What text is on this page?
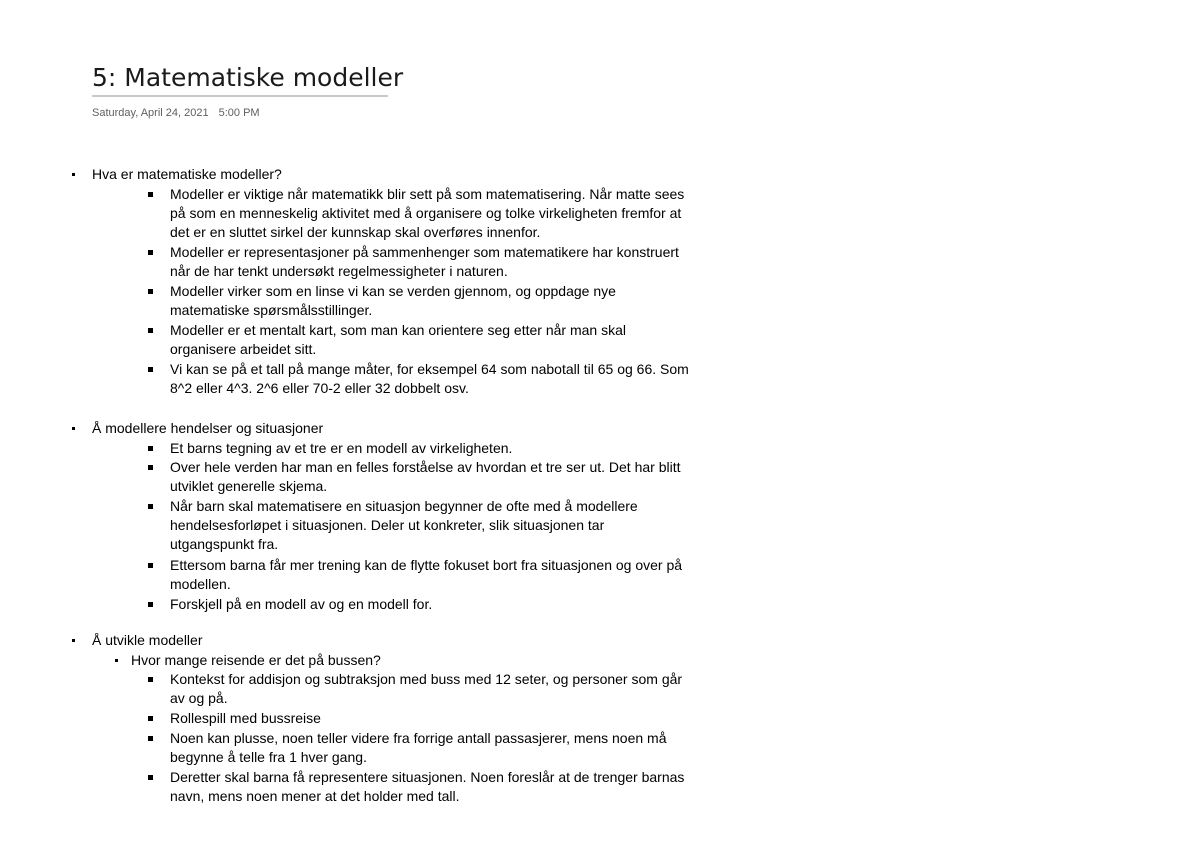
5: Matematiske modeller
Saturday, April 24, 2021 5:00 PM
Hva er matematiske modeller?
Modeller er viktige når matematikk blir sett på som matematisering. Når matte sees
på som en menneskelig aktivitet med å organisere og tolke virkeligheten fremfor at
det er en sluttet sirkel der kunnskap skal overføres innenfor.
Modeller er representasjoner på sammenhenger som matematikere har konstruert
når de har tenkt undersøkt regelmessigheter i naturen.
Modeller virker som en linse vi kan se verden gjennom, og oppdage nye
matematiske spørsmålsstillinger.
Modeller er et mentalt kart, som man kan orientere seg etter når man skal
organisere arbeidet sitt.
Vi kan se på et tall på mange måter, for eksempel 64 som nabotall til 65 og 66. Som
8^2 eller 4^3. 2^6 eller 70-2 eller 32 dobbelt osv.
Å modellere hendelser og situasjoner
Et barns tegning av et tre er en modell av virkeligheten.
Over hele verden har man en felles forståelse av hvordan et tre ser ut. Det har blitt
utviklet generelle skjema.
Når barn skal matematisere en situasjon begynner de ofte med å modellere
hendelsesforløpet i situasjonen. Deler ut konkreter, slik situasjonen tar
utgangspunkt fra.
Ettersom barna får mer trening kan de flytte fokuset bort fra situasjonen og over på
modellen.
Forskjell på en modell av og en modell for.
Å utvikle modeller
Hvor mange reisende er det på bussen?
Kontekst for addisjon og subtraksjon med buss med 12 seter, og personer som går
av og på.
Rollespill med bussreise
Noen kan plusse, noen teller videre fra forrige antall passasjerer, mens noen må
begynne å telle fra 1 hver gang.
Deretter skal barna få representere situasjonen. Noen foreslår at de trenger barnas
navn, mens noen mener at det holder med tall.
